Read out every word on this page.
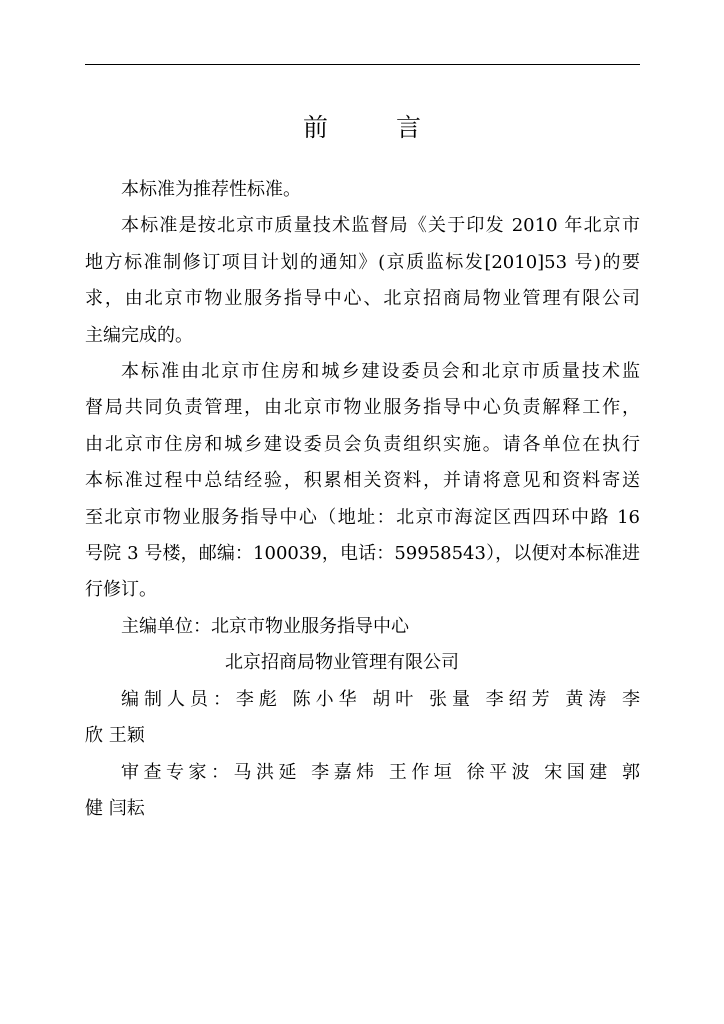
前 言

本标准为推荐性标准。

本标准是按北京市质量技术监督局《关于印发 2010 年北京市
地方标准制修订项目计划的通知》(京质监标发[2010]53 号)的要
求，由北京市物业服务指导中心、北京招商局物业管理有限公司
主编完成的。

本标准由北京市住房和城乡建设委员会和北京市质量技术监
督局共同负责管理，由北京市物业服务指导中心负责解释工作，
由北京市住房和城乡建设委员会负责组织实施。请各单位在执行
本标准过程中总结经验，积累相关资料，并请将意见和资料寄送
至北京市物业服务指导中心（地址：北京市海淀区西四环中路 16
号院 3 号楼，邮编：100039，电话：59958543），以便对本标准进
行修订。

主编单位：北京市物业服务指导中心
北京招商局物业管理有限公司
编制人员：李彪 陈小华 胡叶 张量 李绍芳 黄涛 李
欣 王颖
审查专家：马洪延 李嘉炜 王作垣 徐平波 宋国建 郭
健 闫耘
